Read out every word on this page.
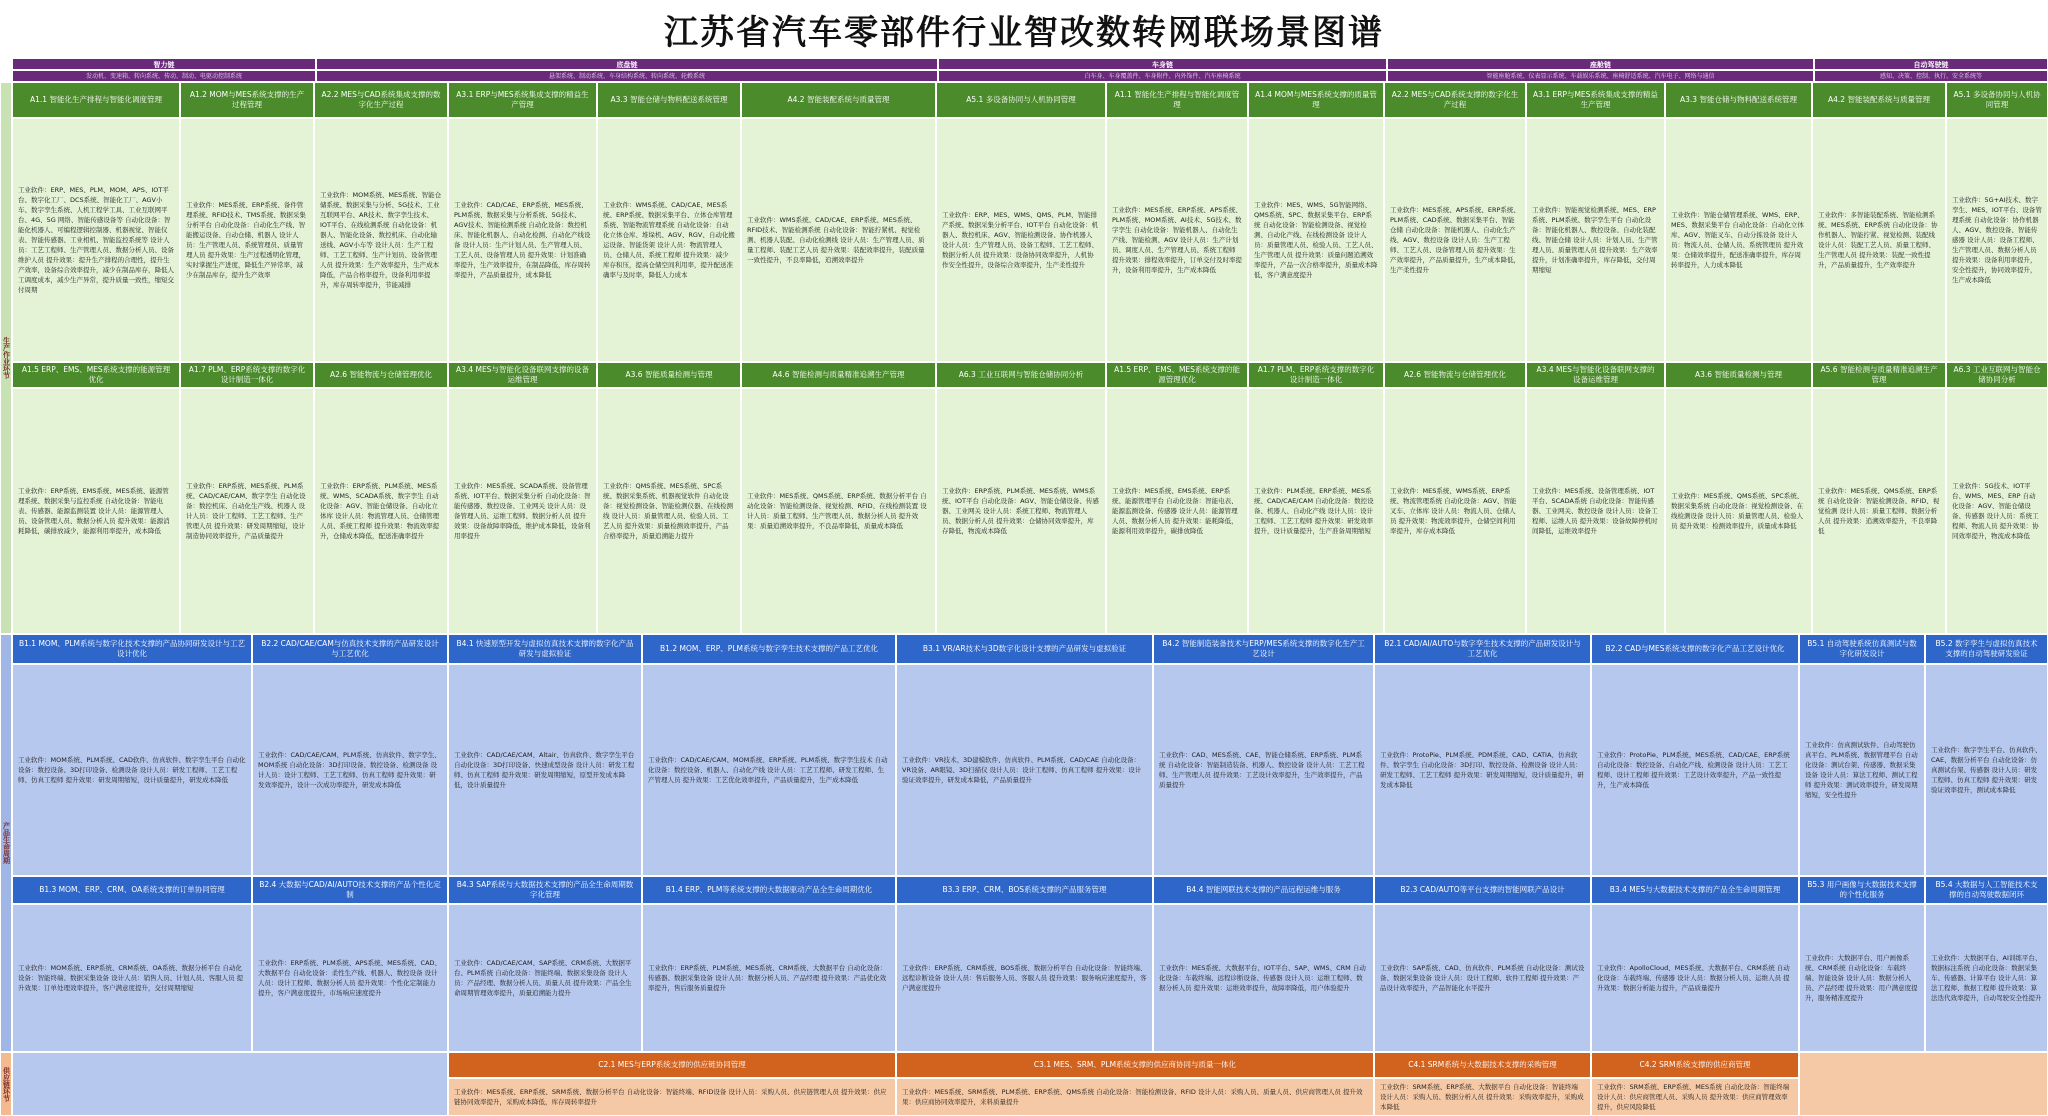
江苏省汽车零部件行业智改数转网联场景图谱
智力链
发动机、变速箱、转向系统、传动、制动、电驱动控制系统
底盘链
悬架系统、制动系统、车身结构系统、转向系统、轮毂系统
车身链
白车身、车身覆盖件、车身附件、内外饰件、汽车座椅系统
座舱链
智能座舱系统、仪表显示系统、车载娱乐系统、座椅舒适系统、汽车电子、网络与通信
自动驾驶链
感知、决策、控制、执行、安全系统等
生产作业环节
产品生命周期
供应链环节
A1.1 智能化生产排程与智能化调度管理
工业软件：ERP、MES、PLM、MOM、APS、IOT平台、数字化工厂、DCS系统、智能化工厂、AGV小车、数字孪生系统、人机工程学工具、工业互联网平台、4G、5G 网络、智能传感设备等 自动化设备：智能化机器人、可编程逻辑控制器、机器视觉、智能仪表、智能传感器、工业相机、智能监控系统等 设计人员：工艺工程师、生产管理人员、数据分析人员、设备维护人员 提升效果：提升生产排程的合理性，提升生产效率，设备综合效率提升，减少在制品库存，降低人工调度成本，减少生产异常，提升质量一致性，缩短交付周期
A1.2 MOM与MES系统支撑的生产过程管理
工业软件：MES系统、ERP系统、备件管理系统、RFID技术、TMS系统、数据采集分析平台 自动化设备：自动化生产线、智能搬运设备、自动仓储、机器人 设计人员：生产管理人员、系统管理员、质量管理人员 提升效果：生产过程透明化管理，实时掌握生产进度，降低生产异常率，减少在制品库存，提升生产效率
A2.2 MES与CAD系统集成支撑的数字化生产过程
工业软件：MOM系统、MES系统、智能仓储系统、数据采集与分析、5G技术、工业互联网平台、AR技术、数字孪生技术、IOT平台、在线检测系统 自动化设备：机器人、智能化设备、数控机床、自动化输送线、AGV小车等 设计人员：生产工程师、工艺工程师、生产计划员、设备管理人员 提升效果：生产效率提升，生产成本降低，产品合格率提升，设备利用率提升，库存周转率提升，节能减排
A3.1 ERP与MES系统集成支撑的精益生产管理
工业软件：CAD/CAE、ERP系统、MES系统、PLM系统、数据采集与分析系统、5G技术、AGV技术、智能检测系统 自动化设备：数控机床、智能化机器人、自动化检测、自动化产线设备 设计人员：生产计划人员、生产管理人员、工艺人员、设备管理人员 提升效果：计划准确率提升，生产效率提升，在制品降低，库存周转率提升，产品质量提升，成本降低
A3.3 智能仓储与物料配送系统管理
工业软件：WMS系统、CAD/CAE、MES系统、ERP系统、数据采集平台、立体仓库管理系统、智能物流管理系统 自动化设备：自动化立体仓库、堆垛机、AGV、RGV、自动化搬运设备、智能货架 设计人员：物流管理人员、仓储人员、系统工程师 提升效果：减少库存积压，提高仓储空间利用率，提升配送准确率与及时率，降低人力成本
A4.2 智能装配系统与质量管理
工业软件：WMS系统、CAD/CAE、ERP系统、MES系统、RFID技术、智能检测系统 自动化设备：智能拧紧机、视觉检测、机器人装配、自动化检测线 设计人员：生产管理人员、质量工程师、装配工艺人员 提升效果：装配效率提升，装配质量一致性提升，不良率降低，追溯效率提升
A5.1 多设备协同与人机协同管理
工业软件：ERP、MES、WMS、QMS、PLM、智能排产系统、数据采集分析平台、IOT平台 自动化设备：机器人、数控机床、AGV、智能检测设备、协作机器人 设计人员：生产管理人员、设备工程师、工艺工程师、数据分析人员 提升效果：设备协同效率提升，人机协作安全性提升，设备综合效率提升，生产柔性提升
A1.1 智能化生产排程与智能化调度管理
工业软件：MES系统、ERP系统、APS系统、PLM系统、MOM系统、AI技术、5G技术、数字孪生 自动化设备：智能机器人、自动化生产线、智能检测、AGV 设计人员：生产计划员、调度人员、生产管理人员、系统工程师 提升效果：排程效率提升，订单交付及时率提升，设备利用率提升，生产成本降低
A1.4 MOM与MES系统支撑的质量管理
工业软件：MES、WMS、5G智能网络、QMS系统、SPC、数据采集平台、ERP系统 自动化设备：智能检测设备、视觉检测、自动化产线、在线检测设备 设计人员：质量管理人员、检验人员、工艺人员、生产管理人员 提升效果：质量问题追溯效率提升，产品一次合格率提升，质量成本降低，客户满意度提升
A2.2 MES与CAD系统支撑的数字化生产过程
工业软件：MES系统、APS系统、ERP系统、PLM系统、CAD系统、数据采集平台、智能仓储 自动化设备：智能机器人、自动化生产线、AGV、数控设备 设计人员：生产工程师、工艺人员、设备管理人员 提升效果：生产效率提升，产品质量提升，生产成本降低，生产柔性提升
A3.1 ERP与MES系统集成支撑的精益生产管理
工业软件：智能视觉检测系统、MES、ERP系统、PLM系统、数字孪生平台 自动化设备：智能化机器人、数控设备、自动化装配线、智能仓储 设计人员：计划人员、生产管理人员、质量管理人员 提升效果：生产效率提升，计划准确率提升，库存降低，交付周期缩短
A3.3 智能仓储与物料配送系统管理
工业软件：智能仓储管理系统、WMS、ERP、MES、数据采集平台 自动化设备：自动化立体库、AGV、智能叉车、自动分拣设备 设计人员：物流人员、仓储人员、系统管理员 提升效果：仓储效率提升，配送准确率提升，库存周转率提升，人力成本降低
A4.2 智能装配系统与质量管理
工业软件：多智能装配系统、智能检测系统、MES系统、ERP系统 自动化设备：协作机器人、智能拧紧、视觉检测、装配线 设计人员：装配工艺人员、质量工程师、生产管理人员 提升效果：装配一致性提升，产品质量提升，生产效率提升
A5.1 多设备协同与人机协同管理
工业软件：5G+AI技术、数字孪生、MES、IOT平台、设备管理系统 自动化设备：协作机器人、AGV、数控设备、智能传感器 设计人员：设备工程师、生产管理人员、数据分析人员 提升效果：设备利用率提升，安全性提升，协同效率提升，生产成本降低
A1.5 ERP、EMS、MES系统支撑的能源管理优化
工业软件：ERP系统、EMS系统、MES系统、能源管理系统、数据采集与监控系统 自动化设备：智能电表、传感器、能源监测装置 设计人员：能源管理人员、设备管理人员、数据分析人员 提升效果：能源消耗降低，碳排放减少，能源利用率提升，成本降低
A1.7 PLM、ERP系统支撑的数字化设计制造一体化
工业软件：ERP系统、MES系统、PLM系统、CAD/CAE/CAM、数字孪生 自动化设备：数控机床、自动化生产线、机器人 设计人员：设计工程师、工艺工程师、生产管理人员 提升效果：研发周期缩短，设计制造协同效率提升，产品质量提升
A2.6 智能物流与仓储管理优化
工业软件：ERP系统、PLM系统、MES系统、WMS、SCADA系统、数字孪生 自动化设备：AGV、智能仓储设备、自动化立体库 设计人员：物流管理人员、仓储管理人员、系统工程师 提升效果：物流效率提升，仓储成本降低，配送准确率提升
A3.4 MES与智能化设备联网支撑的设备运维管理
工业软件：MES系统、SCADA系统、设备管理系统、IOT平台、数据采集分析 自动化设备：智能传感器、数控设备、工业网关 设计人员：设备管理人员、运维工程师、数据分析人员 提升效果：设备故障率降低，维护成本降低，设备利用率提升
A3.6 智能质量检测与管理
工业软件：QMS系统、MES系统、SPC系统、数据采集系统、机器视觉软件 自动化设备：视觉检测设备、智能检测仪器、在线检测线 设计人员：质量管理人员、检验人员、工艺人员 提升效果：质量检测效率提升，产品合格率提升，质量追溯能力提升
A4.6 智能检测与质量精准追溯生产管理
工业软件：MES系统、QMS系统、ERP系统、数据分析平台 自动化设备：智能检测设备、视觉检测、RFID、在线检测装置 设计人员：质量工程师、生产管理人员、数据分析人员 提升效果：质量追溯效率提升，不良品率降低，质量成本降低
A6.3 工业互联网与智能仓储协同分析
工业软件：ERP系统、PLM系统、MES系统、WMS系统、IOT平台 自动化设备：AGV、智能仓储设备、传感器、工业网关 设计人员：系统工程师、物流管理人员、数据分析人员 提升效果：仓储协同效率提升，库存降低，物流成本降低
A1.5 ERP、EMS、MES系统支撑的能源管理优化
工业软件：MES系统、EMS系统、ERP系统、能源管理平台 自动化设备：智能电表、能源监测设备、传感器 设计人员：能源管理人员、数据分析人员 提升效果：能耗降低，能源利用效率提升，碳排放降低
A1.7 PLM、ERP系统支撑的数字化设计制造一体化
工业软件：PLM系统、ERP系统、MES系统、CAD/CAE/CAM 自动化设备：数控设备、机器人、自动化产线 设计人员：设计工程师、工艺工程师 提升效果：研发效率提升，设计质量提升，生产准备周期缩短
A2.6 智能物流与仓储管理优化
工业软件：MES系统、WMS系统、ERP系统、物流管理系统 自动化设备：AGV、智能叉车、立体库 设计人员：物流人员、仓储人员 提升效果：物流效率提升，仓储空间利用率提升，库存成本降低
A3.4 MES与智能化设备联网支撑的设备运维管理
工业软件：MES系统、设备管理系统、IOT平台、SCADA系统 自动化设备：智能传感器、工业网关、数控设备 设计人员：设备工程师、运维人员 提升效果：设备故障停机时间降低，运维效率提升
A3.6 智能质量检测与管理
工业软件：MES系统、QMS系统、SPC系统、数据采集系统 自动化设备：视觉检测设备、在线检测设备 设计人员：质量管理人员、检验人员 提升效果：检测效率提升，质量成本降低
A5.6 智能检测与质量精准追溯生产管理
工业软件：MES系统、QMS系统、ERP系统 自动化设备：智能检测设备、RFID、视觉检测 设计人员：质量工程师、数据分析人员 提升效果：追溯效率提升，不良率降低
A6.3 工业互联网与智能仓储协同分析
工业软件：5G技术、IOT平台、WMS、MES、ERP 自动化设备：AGV、智能仓储设备、传感器 设计人员：系统工程师、物流人员 提升效果：协同效率提升，物流成本降低
B1.1 MOM、PLM系统与数字化技术支撑的产品协同研发设计与工艺设计优化
工业软件：MOM系统、PLM系统、CAD软件、仿真软件、数字孪生平台 自动化设备：数控设备、3D打印设备、检测设备 设计人员：研发工程师、工艺工程师、仿真工程师 提升效果：研发周期缩短，设计质量提升，研发成本降低
B2.2 CAD/CAE/CAM与仿真技术支撑的产品研发设计与工艺优化
工业软件：CAD/CAE/CAM、PLM系统、仿真软件、数字孪生、MOM系统 自动化设备：3D打印设备、数控设备、检测设备 设计人员：设计工程师、工艺工程师、仿真工程师 提升效果：研发效率提升，设计一次成功率提升，研发成本降低
B4.1 快速原型开发与虚拟仿真技术支撑的数字化产品研发与虚拟验证
工业软件：CAD/CAE/CAM、Altair、仿真软件、数字孪生平台 自动化设备：3D打印设备、快速成型设备 设计人员：研发工程师、仿真工程师 提升效果：研发周期缩短，原型开发成本降低，设计质量提升
B1.2 MOM、ERP、PLM系统与数字孪生技术支撑的产品工艺优化
工业软件：CAD/CAE/CAM、MOM系统、ERP系统、PLM系统、数字孪生技术 自动化设备：数控设备、机器人、自动化产线 设计人员：工艺工程师、研发工程师、生产管理人员 提升效果：工艺优化效率提升，产品质量提升，生产成本降低
B3.1 VR/AR技术与3D数字化设计支撑的产品研发与虚拟验证
工业软件：VR技术、3D建模软件、仿真软件、PLM系统、CAD/CAE 自动化设备：VR设备、AR眼镜、3D扫描仪 设计人员：设计工程师、仿真工程师 提升效果：设计验证效率提升，研发成本降低，产品质量提升
B4.2 智能制造装备技术与ERP/MES系统支撑的数字化生产工艺设计
工业软件：CAD、MES系统、CAE、智能仓储系统、ERP系统、PLM系统 自动化设备：智能制造装备、机器人、数控设备 设计人员：工艺工程师、生产管理人员 提升效果：工艺设计效率提升，生产效率提升，产品质量提升
B2.1 CAD/AI/AUTO与数字孪生技术支撑的产品研发设计与工艺优化
工业软件：ProtoPie、PLM系统、PDM系统、CAD、CATIA、仿真软件、数字孪生 自动化设备：3D打印、数控设备、检测设备 设计人员：研发工程师、工艺工程师 提升效果：研发周期缩短，设计质量提升，研发成本降低
B2.2 CAD与MES系统支撑的数字化产品工艺设计优化
工业软件：ProtoPie、PLM系统、MES系统、CAD/CAE、ERP系统 自动化设备：数控设备、自动化产线、检测设备 设计人员：工艺工程师、设计工程师 提升效果：工艺设计效率提升，产品一致性提升，生产成本降低
B5.1 自动驾驶系统仿真测试与数字化研发设计
工业软件：仿真测试软件、自动驾驶仿真平台、PLM系统、数据管理平台 自动化设备：测试台架、传感器、数据采集设备 设计人员：算法工程师、测试工程师 提升效果：测试效率提升，研发周期缩短，安全性提升
B5.2 数字孪生与虚拟仿真技术支撑的自动驾驶研发验证
工业软件：数字孪生平台、仿真软件、CAE、数据分析平台 自动化设备：仿真测试台架、传感器 设计人员：研发工程师、仿真工程师 提升效果：研发验证效率提升，测试成本降低
B1.3 MOM、ERP、CRM、OA系统支撑的订单协同管理
工业软件：MOM系统、ERP系统、CRM系统、OA系统、数据分析平台 自动化设备：智能终端、数据采集设备 设计人员：销售人员、计划人员、客服人员 提升效果：订单处理效率提升，客户满意度提升，交付周期缩短
B2.4 大数据与CAD/AI/AUTO技术支撑的产品个性化定制
工业软件：ERP系统、PLM系统、APS系统、MES系统、CAD、大数据平台 自动化设备：柔性生产线、机器人、数控设备 设计人员：设计工程师、数据分析人员 提升效果：个性化定制能力提升，客户满意度提升，市场响应速度提升
B4.3 SAP系统与大数据技术支撑的产品全生命周期数字化管理
工业软件：CAD/CAE/CAM、SAP系统、CRM系统、大数据平台、PLM系统 自动化设备：智能终端、数据采集设备 设计人员：产品经理、数据分析人员、质量人员 提升效果：产品全生命周期管理效率提升，质量追溯能力提升
B1.4 ERP、PLM等系统支撑的大数据驱动产品全生命周期优化
工业软件：ERP系统、PLM系统、MES系统、CRM系统、大数据平台 自动化设备：传感器、数据采集设备 设计人员：数据分析人员、产品经理 提升效果：产品优化效率提升，售后服务质量提升
B3.3 ERP、CRM、BOS系统支撑的产品服务管理
工业软件：ERP系统、CRM系统、BOS系统、数据分析平台 自动化设备：智能终端、远程诊断设备 设计人员：售后服务人员、客服人员 提升效果：服务响应速度提升，客户满意度提升
B4.4 智能网联技术支撑的产品远程运维与服务
工业软件：MES系统、大数据平台、IOT平台、SAP、WMS、CRM 自动化设备：车载终端、远程诊断设备、传感器 设计人员：运维工程师、数据分析人员 提升效果：运维效率提升，故障率降低，用户体验提升
B2.3 CAD/AUTO等平台支撑的智能网联产品设计
工业软件：SAP系统、CAD、仿真软件、PLM系统 自动化设备：测试设备、数据采集设备 设计人员：设计工程师、软件工程师 提升效果：产品设计效率提升，产品智能化水平提升
B3.4 MES与大数据技术支撑的产品全生命周期管理
工业软件：ApolloCloud、MES系统、大数据平台、CRM系统 自动化设备：车载终端、传感器 设计人员：数据分析人员、运维人员 提升效果：数据分析能力提升，产品质量提升
B5.3 用户画像与大数据技术支撑的个性化服务
工业软件：大数据平台、用户画像系统、CRM系统 自动化设备：车载终端、智能设备 设计人员：数据分析人员、产品经理 提升效果：用户满意度提升，服务精准度提升
B5.4 大数据与人工智能技术支撑的自动驾驶数据闭环
工业软件：大数据平台、AI训练平台、数据标注系统 自动化设备：数据采集车、传感器、计算平台 设计人员：算法工程师、数据工程师 提升效果：算法迭代效率提升，自动驾驶安全性提升
C2.1 MES与ERP系统支撑的供应链协同管理
工业软件：MES系统、ERP系统、SRM系统、数据分析平台 自动化设备：智能终端、RFID设备 设计人员：采购人员、供应链管理人员 提升效果：供应链协同效率提升，采购成本降低，库存周转率提升
C3.1 MES、SRM、PLM系统支撑的供应商协同与质量一体化
工业软件：MES系统、SRM系统、PLM系统、ERP系统、QMS系统 自动化设备：智能检测设备、RFID 设计人员：采购人员、质量人员、供应商管理人员 提升效果：供应商协同效率提升，来料质量提升
C4.1 SRM系统与大数据技术支撑的采购管理
工业软件：SRM系统、ERP系统、大数据平台 自动化设备：智能终端 设计人员：采购人员、数据分析人员 提升效果：采购效率提升，采购成本降低
C4.2 SRM系统支撑的供应商管理
工业软件：SRM系统、ERP系统、MES系统 自动化设备：智能终端 设计人员：供应商管理人员、采购人员 提升效果：供应商管理效率提升，供应风险降低
